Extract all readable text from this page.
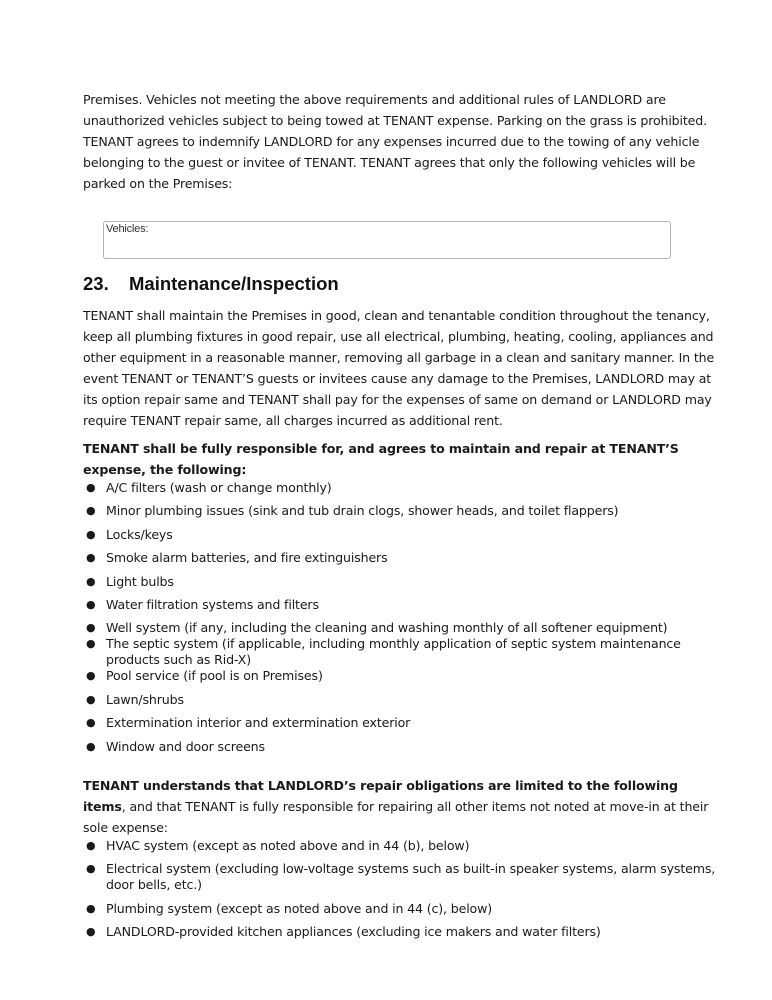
Premises. Vehicles not meeting the above requirements and additional rules of LANDLORD are unauthorized vehicles subject to being towed at TENANT expense. Parking on the grass is prohibited. TENANT agrees to indemnify LANDLORD for any expenses incurred due to the towing of any vehicle belonging to the guest or invitee of TENANT. TENANT agrees that only the following vehicles will be parked on the Premises:

Vehicles:
23.	Maintenance/Inspection

TENANT shall maintain the Premises in good, clean and tenantable condition throughout the tenancy, keep all plumbing fixtures in good repair, use all electrical, plumbing, heating, cooling, appliances and other equipment in a reasonable manner, removing all garbage in a clean and sanitary manner. In the event TENANT or TENANT’S guests or invitees cause any damage to the Premises, LANDLORD may at its option repair same and TENANT shall pay for the expenses of same on demand or LANDLORD may require TENANT repair same, all charges incurred as additional rent.

TENANT shall be fully responsible for, and agrees to maintain and repair at TENANT’S expense, the following:

● A/C filters (wash or change monthly)
● Minor plumbing issues (sink and tub drain clogs, shower heads, and toilet flappers)
● Locks/keys
● Smoke alarm batteries, and fire extinguishers
● Light bulbs
● Water filtration systems and filters
● Well system (if any, including the cleaning and washing monthly of all softener equipment)
● The septic system (if applicable, including monthly application of septic system maintenance products such as Rid-X)
● Pool service (if pool is on Premises)
● Lawn/shrubs
● Extermination interior and extermination exterior
● Window and door screens

TENANT understands that LANDLORD’s repair obligations are limited to the following items, and that TENANT is fully responsible for repairing all other items not noted at move-in at their sole expense:

● HVAC system (except as noted above and in 44 (b), below)
● Electrical system (excluding low-voltage systems such as built-in speaker systems, alarm systems, door bells, etc.)
● Plumbing system (except as noted above and in 44 (c), below)
● LANDLORD-provided kitchen appliances (excluding ice makers and water filters)
